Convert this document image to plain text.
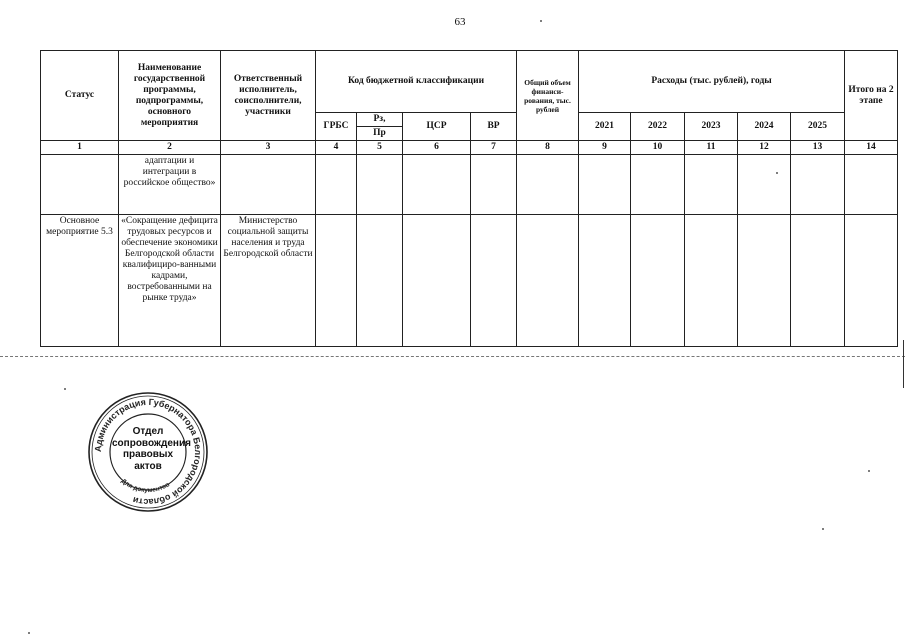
63
Статус	Наименование государственной программы, подпрограммы, основного мероприятия	Ответственный исполнитель, соисполнители, участники	Код бюджетной классификации				Общий объем финанси-рования, тыс. рублей	Расходы (тыс. рублей), годы					Итого на 2 этапе
			ГРБС	Рз,	ЦСР	ВР		2021	2022	2023	2024	2025	
				Пр									
1	2	3	4	5	6	7	8	9	10	11	12	13	14
	адаптации и интеграции в российское общество»												
Основное мероприятие 5.3	«Сокращение дефицита трудовых ресурсов и обеспечение экономики Белгородской области квалифициро-ванными кадрами, востребованными на рынке труда»	Министерство социальной защиты населения и труда Белгородской области											
Администрация Губернатора Белгородской области
Для документов
Отдел сопровождения правовых актов
